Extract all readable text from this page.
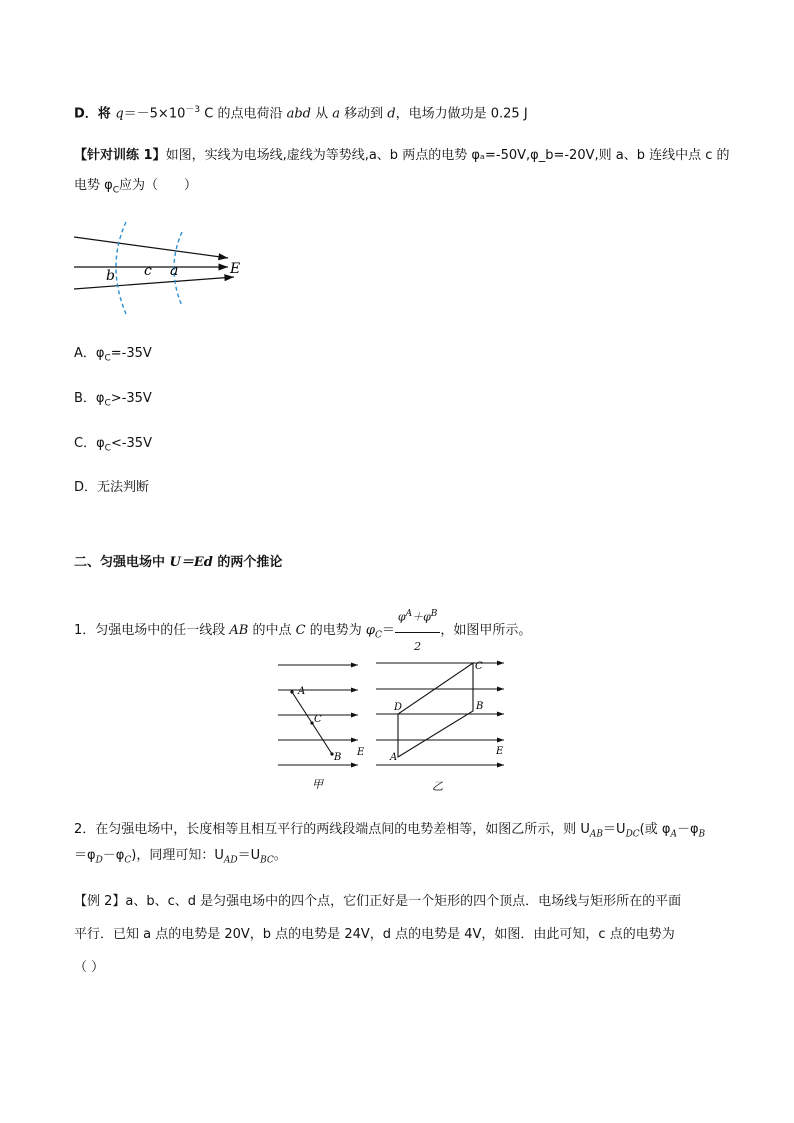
D．将 $q=-5\times 10^{-3}$ C 的点电荷沿 abd 从 a 移动到 d，电场力做功是 0.25 J
【针对训练 1】如图，实线为电场线,虚线为等势线,a、b 两点的电势 φₐ=-50V,φ_b=-20V,则 a、b 连线中点 c 的
电势 $\varphi_C$应为（　　）
b c a	E
A．$\varphi_C=-35V$
B．$\varphi_C>-35V$
C．$\varphi_C<-35V$
D．无法判断
二、匀强电场中 U＝Ed 的两个推论
1．匀强电场中的任一线段 AB 的中点 C 的电势为 $\varphi_C= \frac{\varphi^A+\varphi^B}{2}$ ，如图甲所示。
A
C
B E
甲
C
D	B
A
E
乙
2．在匀强电场中，长度相等且相互平行的两线段端点间的电势差相等，如图乙所示，则 $U_{AB}=U_{DC}$(或 $\varphi_A-\varphi_B$
$=\varphi_D-\varphi_C$)，同理可知：$U_{AD}=U_{BC}$。
【例 2】a、b、c、d 是匀强电场中的四个点，它们正好是一个矩形的四个顶点．电场线与矩形所在的平面
平行．已知 a 点的电势是 20V，b 点的电势是 24V，d 点的电势是 4V，如图．由此可知，c 点的电势为
（ ）
